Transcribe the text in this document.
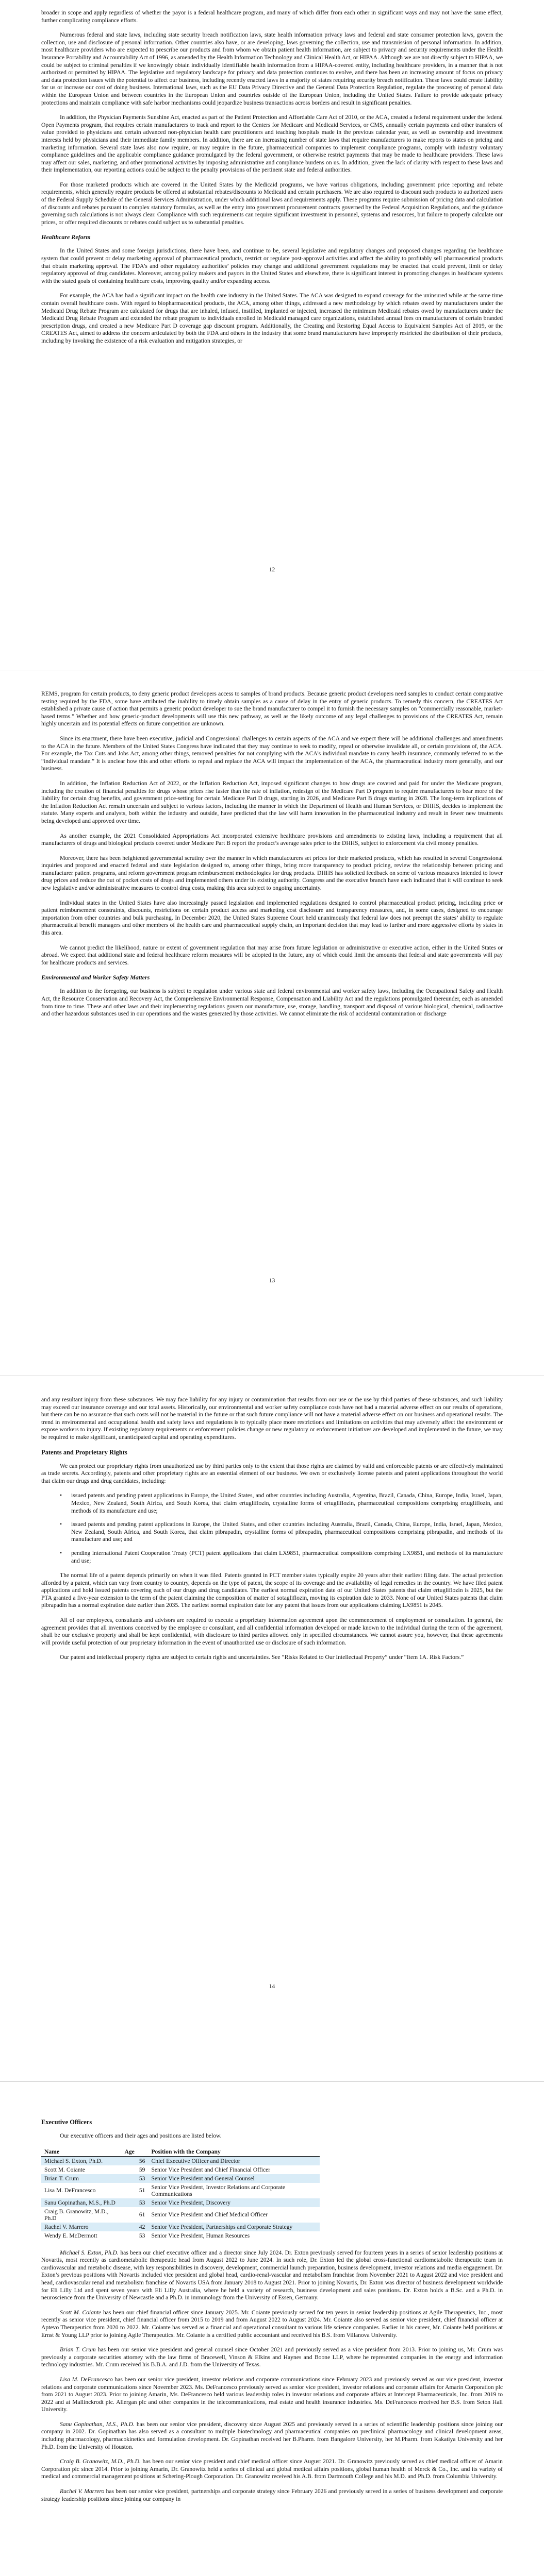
broader in scope and apply regardless of whether the payor is a federal healthcare program, and many of which differ from each other in significant ways and may not have the same effect, further complicating compliance efforts.

Numerous federal and state laws, including state security breach notification laws, state health information privacy laws and federal and state consumer protection laws, govern the collection, use and disclosure of personal information. Other countries also have, or are developing, laws governing the collection, use and transmission of personal information. In addition, most healthcare providers who are expected to prescribe our products and from whom we obtain patient health information, are subject to privacy and security requirements under the Health Insurance Portability and Accountability Act of 1996, as amended by the Health Information Technology and Clinical Health Act, or HIPAA. Although we are not directly subject to HIPAA, we could be subject to criminal penalties if we knowingly obtain individually identifiable health information from a HIPAA-covered entity, including healthcare providers, in a manner that is not authorized or permitted by HIPAA. The legislative and regulatory landscape for privacy and data protection continues to evolve, and there has been an increasing amount of focus on privacy and data protection issues with the potential to affect our business, including recently enacted laws in a majority of states requiring security breach notification. These laws could create liability for us or increase our cost of doing business. International laws, such as the EU Data Privacy Directive and the General Data Protection Regulation, regulate the processing of personal data within the European Union and between countries in the European Union and countries outside of the European Union, including the United States. Failure to provide adequate privacy protections and maintain compliance with safe harbor mechanisms could jeopardize business transactions across borders and result in significant penalties.

In addition, the Physician Payments Sunshine Act, enacted as part of the Patient Protection and Affordable Care Act of 2010, or the ACA, created a federal requirement under the federal Open Payments program, that requires certain manufacturers to track and report to the Centers for Medicare and Medicaid Services, or CMS, annually certain payments and other transfers of value provided to physicians and certain advanced non-physician health care practitioners and teaching hospitals made in the previous calendar year, as well as ownership and investment interests held by physicians and their immediate family members. In addition, there are an increasing number of state laws that require manufacturers to make reports to states on pricing and marketing information. Several state laws also now require, or may require in the future, pharmaceutical companies to implement compliance programs, comply with industry voluntary compliance guidelines and the applicable compliance guidance promulgated by the federal government, or otherwise restrict payments that may be made to healthcare providers. These laws may affect our sales, marketing, and other promotional activities by imposing administrative and compliance burdens on us. In addition, given the lack of clarity with respect to these laws and their implementation, our reporting actions could be subject to the penalty provisions of the pertinent state and federal authorities.

For those marketed products which are covered in the United States by the Medicaid programs, we have various obligations, including government price reporting and rebate requirements, which generally require products be offered at substantial rebates/discounts to Medicaid and certain purchasers. We are also required to discount such products to authorized users of the Federal Supply Schedule of the General Services Administration, under which additional laws and requirements apply. These programs require submission of pricing data and calculation of discounts and rebates pursuant to complex statutory formulas, as well as the entry into government procurement contracts governed by the Federal Acquisition Regulations, and the guidance governing such calculations is not always clear. Compliance with such requirements can require significant investment in personnel, systems and resources, but failure to properly calculate our prices, or offer required discounts or rebates could subject us to substantial penalties.

Healthcare Reform

In the United States and some foreign jurisdictions, there have been, and continue to be, several legislative and regulatory changes and proposed changes regarding the healthcare system that could prevent or delay marketing approval of pharmaceutical products, restrict or regulate post-approval activities and affect the ability to profitably sell pharmaceutical products that obtain marketing approval. The FDA’s and other regulatory authorities’ policies may change and additional government regulations may be enacted that could prevent, limit or delay regulatory approval of drug candidates. Moreover, among policy makers and payors in the United States and elsewhere, there is significant interest in promoting changes in healthcare systems with the stated goals of containing healthcare costs, improving quality and/or expanding access.

For example, the ACA has had a significant impact on the health care industry in the United States. The ACA was designed to expand coverage for the uninsured while at the same time contain overall healthcare costs. With regard to biopharmaceutical products, the ACA, among other things, addressed a new methodology by which rebates owed by manufacturers under the Medicaid Drug Rebate Program are calculated for drugs that are inhaled, infused, instilled, implanted or injected, increased the minimum Medicaid rebates owed by manufacturers under the Medicaid Drug Rebate Program and extended the rebate program to individuals enrolled in Medicaid managed care organizations, established annual fees on manufacturers of certain branded prescription drugs, and created a new Medicare Part D coverage gap discount program. Additionally, the Creating and Restoring Equal Access to Equivalent Samples Act of 2019, or the CREATES Act, aimed to address the concern articulated by both the FDA and others in the industry that some brand manufacturers have improperly restricted the distribution of their products, including by invoking the existence of a risk evaluation and mitigation strategies, or

12

REMS, program for certain products, to deny generic product developers access to samples of brand products. Because generic product developers need samples to conduct certain comparative testing required by the FDA, some have attributed the inability to timely obtain samples as a cause of delay in the entry of generic products. To remedy this concern, the CREATES Act established a private cause of action that permits a generic product developer to sue the brand manufacturer to compel it to furnish the necessary samples on “commercially reasonable, market-based terms.” Whether and how generic-product developments will use this new pathway, as well as the likely outcome of any legal challenges to provisions of the CREATES Act, remain highly uncertain and its potential effects on future competition are unknown.

Since its enactment, there have been executive, judicial and Congressional challenges to certain aspects of the ACA and we expect there will be additional challenges and amendments to the ACA in the future. Members of the United States Congress have indicated that they may continue to seek to modify, repeal or otherwise invalidate all, or certain provisions of, the ACA. For example, the Tax Cuts and Jobs Act, among other things, removed penalties for not complying with the ACA’s individual mandate to carry health insurance, commonly referred to as the “individual mandate.” It is unclear how this and other efforts to repeal and replace the ACA will impact the implementation of the ACA, the pharmaceutical industry more generally, and our business.

In addition, the Inflation Reduction Act of 2022, or the Inflation Reduction Act, imposed significant changes to how drugs are covered and paid for under the Medicare program, including the creation of financial penalties for drugs whose prices rise faster than the rate of inflation, redesign of the Medicare Part D program to require manufacturers to bear more of the liability for certain drug benefits, and government price-setting for certain Medicare Part D drugs, starting in 2026, and Medicare Part B drugs starting in 2028. The long-term implications of the Inflation Reduction Act remain uncertain and subject to various factors, including the manner in which the Department of Health and Human Services, or DHHS, decides to implement the statute. Many experts and analysts, both within the industry and outside, have predicted that the law will harm innovation in the pharmaceutical industry and result in fewer new treatments being developed and approved over time.

As another example, the 2021 Consolidated Appropriations Act incorporated extensive healthcare provisions and amendments to existing laws, including a requirement that all manufacturers of drugs and biological products covered under Medicare Part B report the product’s average sales price to the DHHS, subject to enforcement via civil money penalties.

Moreover, there has been heightened governmental scrutiny over the manner in which manufacturers set prices for their marketed products, which has resulted in several Congressional inquiries and proposed and enacted federal and state legislation designed to, among other things, bring more transparency to product pricing, review the relationship between pricing and manufacturer patient programs, and reform government program reimbursement methodologies for drug products. DHHS has solicited feedback on some of various measures intended to lower drug prices and reduce the out of pocket costs of drugs and implemented others under its existing authority. Congress and the executive branch have each indicated that it will continue to seek new legislative and/or administrative measures to control drug costs, making this area subject to ongoing uncertainty.

Individual states in the United States have also increasingly passed legislation and implemented regulations designed to control pharmaceutical product pricing, including price or patient reimbursement constraints, discounts, restrictions on certain product access and marketing cost disclosure and transparency measures, and, in some cases, designed to encourage importation from other countries and bulk purchasing. In December 2020, the United States Supreme Court held unanimously that federal law does not preempt the states’ ability to regulate pharmaceutical benefit managers and other members of the health care and pharmaceutical supply chain, an important decision that may lead to further and more aggressive efforts by states in this area.

We cannot predict the likelihood, nature or extent of government regulation that may arise from future legislation or administrative or executive action, either in the United States or abroad. We expect that additional state and federal healthcare reform measures will be adopted in the future, any of which could limit the amounts that federal and state governments will pay for healthcare products and services.

Environmental and Worker Safety Matters

In addition to the foregoing, our business is subject to regulation under various state and federal environmental and worker safety laws, including the Occupational Safety and Health Act, the Resource Conservation and Recovery Act, the Comprehensive Environmental Response, Compensation and Liability Act and the regulations promulgated thereunder, each as amended from time to time. These and other laws and their implementing regulations govern our manufacture, use, storage, handling, transport and disposal of various biological, chemical, radioactive and other hazardous substances used in our operations and the wastes generated by those activities. We cannot eliminate the risk of accidental contamination or discharge

13

and any resultant injury from these substances. We may face liability for any injury or contamination that results from our use or the use by third parties of these substances, and such liability may exceed our insurance coverage and our total assets. Historically, our environmental and worker safety compliance costs have not had a material adverse effect on our results of operations, but there can be no assurance that such costs will not be material in the future or that such future compliance will not have a material adverse effect on our business and operational results. The trend in environmental and occupational health and safety laws and regulations is to typically place more restrictions and limitations on activities that may adversely affect the environment or expose workers to injury. If existing regulatory requirements or enforcement policies change or new regulatory or enforcement initiatives are developed and implemented in the future, we may be required to make significant, unanticipated capital and operating expenditures.

Patents and Proprietary Rights

We can protect our proprietary rights from unauthorized use by third parties only to the extent that those rights are claimed by valid and enforceable patents or are effectively maintained as trade secrets. Accordingly, patents and other proprietary rights are an essential element of our business. We own or exclusively license patents and patent applications throughout the world that claim our drugs and drug candidates, including:

• issued patents and pending patent applications in Europe, the United States, and other countries including Australia, Argentina, Brazil, Canada, China, Europe, India, Israel, Japan, Mexico, New Zealand, South Africa, and South Korea, that claim ertugliflozin, crystalline forms of ertugliflozin, pharmaceutical compositions comprising ertugliflozin, and methods of its manufacture and use;
• issued patents and pending patent applications in Europe, the United States, and other countries including Australia, Brazil, Canada, China, Europe, India, Israel, Japan, Mexico, New Zealand, South Africa, and South Korea, that claim pibrapadin, crystalline forms of pibrapadin, pharmaceutical compositions comprising pibrapadin, and methods of its manufacture and use; and
• pending international Patent Cooperation Treaty (PCT) patent applications that claim LX9851, pharmaceutical compositions comprising LX9851, and methods of its manufacture and use;

The normal life of a patent depends primarily on when it was filed. Patents granted in PCT member states typically expire 20 years after their earliest filing date. The actual protection afforded by a patent, which can vary from country to country, depends on the type of patent, the scope of its coverage and the availability of legal remedies in the country. We have filed patent applications and hold issued patents covering each of our drugs and drug candidates. The earliest normal expiration date of our United States patents that claim ertugliflozin is 2025, but the PTA granted a five-year extension to the term of the patent claiming the composition of matter of sotagliflozin, moving its expiration date to 2033. None of our United States patents that claim pibrapadin has a normal expiration date earlier than 2035. The earliest normal expiration date for any patent that issues from our applications claiming LX9851 is 2045.

All of our employees, consultants and advisors are required to execute a proprietary information agreement upon the commencement of employment or consultation. In general, the agreement provides that all inventions conceived by the employee or consultant, and all confidential information developed or made known to the individual during the term of the agreement, shall be our exclusive property and shall be kept confidential, with disclosure to third parties allowed only in specified circumstances. We cannot assure you, however, that these agreements will provide useful protection of our proprietary information in the event of unauthorized use or disclosure of such information.

Our patent and intellectual property rights are subject to certain rights and uncertainties. See “Risks Related to Our Intellectual Property” under “Item 1A. Risk Factors.”

14
Executive Officers

Our executive officers and their ages and positions are listed below.

Name	Age	Position with the Company
Michael S. Exton, Ph.D.	56	Chief Executive Officer and Director
Scott M. Coiante	59	Senior Vice President and Chief Financial Officer
Brian T. Crum	53	Senior Vice President and General Counsel
Lisa M. DeFrancesco	51	Senior Vice President, Investor Relations and Corporate Communications
Sanu Gopinathan, M.S., Ph.D	53	Senior Vice President, Discovery
Craig B. Granowitz, M.D., Ph.D	61	Senior Vice President and Chief Medical Officer
Rachel V. Marrero	42	Senior Vice President, Partnerships and Corporate Strategy
Wendy E. McDermott	53	Senior Vice President, Human Resources

Michael S. Exton, Ph.D. has been our chief executive officer and a director since July 2024. Dr. Exton previously served for fourteen years in a series of senior leadership positions at Novartis, most recently as cardiometabolic therapeutic head from August 2022 to June 2024. In such role, Dr. Exton led the global cross-functional cardiometabolic therapeutic team in cardiovascular and metabolic disease, with key responsibilities in discovery, development, commercial launch preparation, business development, investor relations and media engagement. Dr. Exton’s previous positions with Novartis included vice president and global head, cardio-renal-vascular and metabolism franchise from November 2021 to August 2022 and vice president and head, cardiovascular renal and metabolism franchise of Novartis USA from January 2018 to August 2021. Prior to joining Novartis, Dr. Exton was director of business development worldwide for Eli Lilly Ltd and spent seven years with Eli Lilly Australia, where he held a variety of research, business development and sales positions. Dr. Exton holds a B.Sc. and a Ph.D. in neuroscience from the University of Newcastle and a Ph.D. in immunology from the University of Essen, Germany.

Scott M. Coiante has been our chief financial officer since January 2025. Mr. Coiante previously served for ten years in senior leadership positions at Agile Therapeutics, Inc., most recently as senior vice president, chief financial officer from 2015 to 2019 and from August 2022 to August 2024. Mr. Coiante also served as senior vice president, chief financial officer at Aptevo Therapeutics from 2020 to 2022. Mr. Coiante has served as a financial and operational consultant to various life science companies. Earlier in his career, Mr. Coiante held positions at Ernst & Young LLP prior to joining Agile Therapeutics. Mr. Coiante is a certified public accountant and received his B.S. from Villanova University.

Brian T. Crum has been our senior vice president and general counsel since October 2021 and previously served as a vice president from 2013. Prior to joining us, Mr. Crum was previously a corporate securities attorney with the law firms of Bracewell, Vinson & Elkins and Haynes and Boone LLP, where he represented companies in the energy and information technology industries. Mr. Crum received his B.B.A. and J.D. from the University of Texas.

Lisa M. DeFrancesco has been our senior vice president, investor relations and corporate communications since February 2023 and previously served as our vice president, investor relations and corporate communications since November 2023. Ms. DeFrancesco previously served as senior vice president, investor relations and corporate affairs for Amarin Corporation plc from 2021 to August 2023. Prior to joining Amarin, Ms. DeFrancesco held various leadership roles in investor relations and corporate affairs at Intercept Pharmaceuticals, Inc. from 2019 to 2022 and at Mallinckrodt plc. Allergan plc and other companies in the telecommunications, real estate and health insurance industries. Ms. DeFrancesco received her B.S. from Seton Hall University.

Sanu Gopinathan, M.S., Ph.D. has been our senior vice president, discovery since August 2025 and previously served in a series of scientific leadership positions since joining our company in 2002. Dr. Gopinathan has also served as a consultant to multiple biotechnology and pharmaceutical companies on preclinical pharmacology and clinical development areas, including pharmacology, pharmacokinetics and formulation development. Dr. Gopinathan received her B.Pharm. from Bangalore University, her M.Pharm. from Kakatiya University and her Ph.D. from the University of Houston.

Craig B. Granowitz, M.D., Ph.D. has been our senior vice president and chief medical officer since August 2021. Dr. Granowitz previously served as chief medical officer of Amarin Corporation plc since 2014. Prior to joining Amarin, Dr. Granowitz held a series of clinical and global medical affairs positions, global human health of Merck & Co., Inc. and its variety of medical and commercial management positions at Schering-Plough Corporation. Dr. Granowitz received his A.B. from Dartmouth College and his M.D. and Ph.D. from Columbia University.

Rachel V. Marrero has been our senior vice president, partnerships and corporate strategy since February 2026 and previously served in a series of business development and corporate strategy leadership positions since joining our company in
